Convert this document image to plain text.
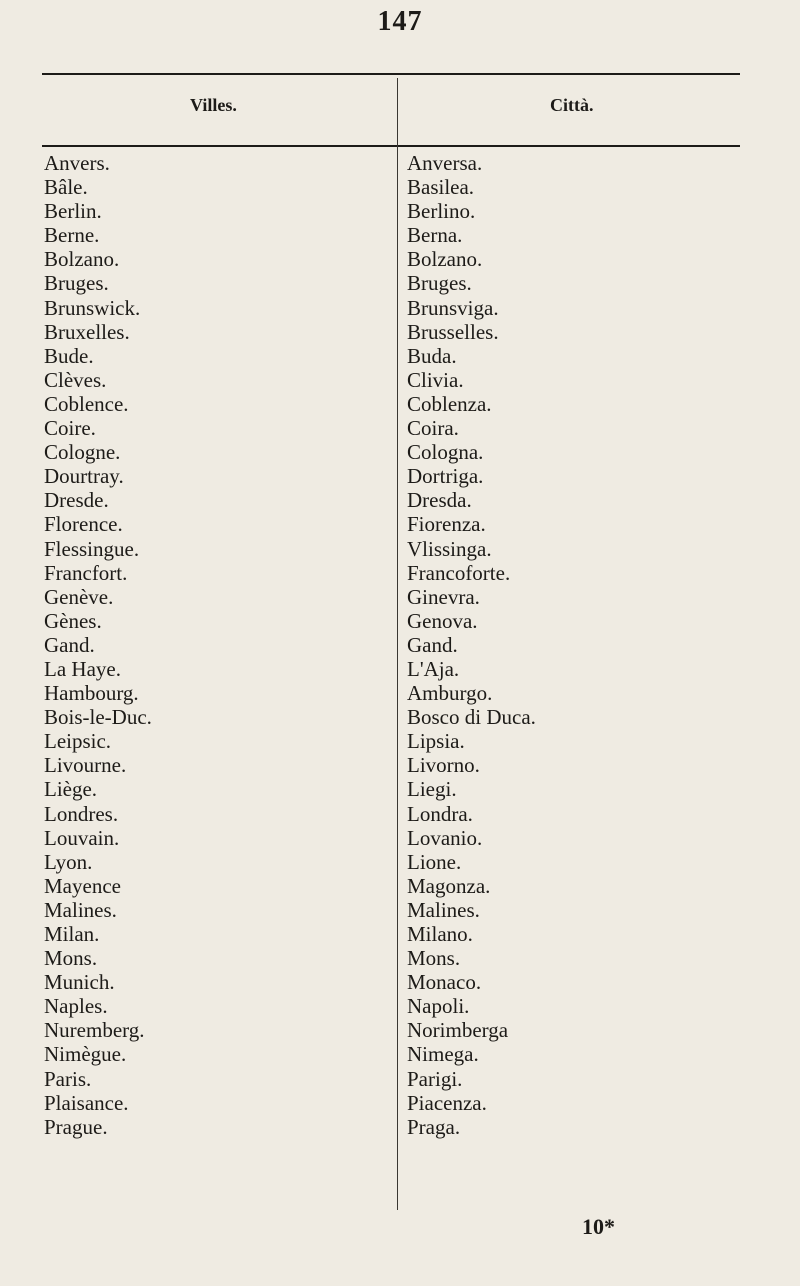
147
Villes.	Città.
Anvers.
Bâle.
Berlin.
Berne.
Bolzano.
Bruges.
Brunswick.
Bruxelles.
Bude.
Clèves.
Coblence.
Coire.
Cologne.
Dourtray.
Dresde.
Florence.
Flessingue.
Francfort.
Genève.
Gènes.
Gand.
La Haye.
Hambourg.
Bois-le-Duc.
Leipsic.
Livourne.
Liège.
Londres.
Louvain.
Lyon.
Mayence
Malines.
Milan.
Mons.
Munich.
Naples.
Nuremberg.
Nimègue.
Paris.
Plaisance.
Prague.
Anversa.
Basilea.
Berlino.
Berna.
Bolzano.
Bruges.
Brunsviga.
Brusselles.
Buda.
Clivia.
Coblenza.
Coira.
Cologna.
Dortriga.
Dresda.
Fiorenza.
Vlissinga.
Francoforte.
Ginevra.
Genova.
Gand.
L'Aja.
Amburgo.
Bosco di Duca.
Lipsia.
Livorno.
Liegi.
Londra.
Lovanio.
Lione.
Magonza.
Malines.
Milano.
Mons.
Monaco.
Napoli.
Norimberga
Nimega.
Parigi.
Piacenza.
Praga.
10*
